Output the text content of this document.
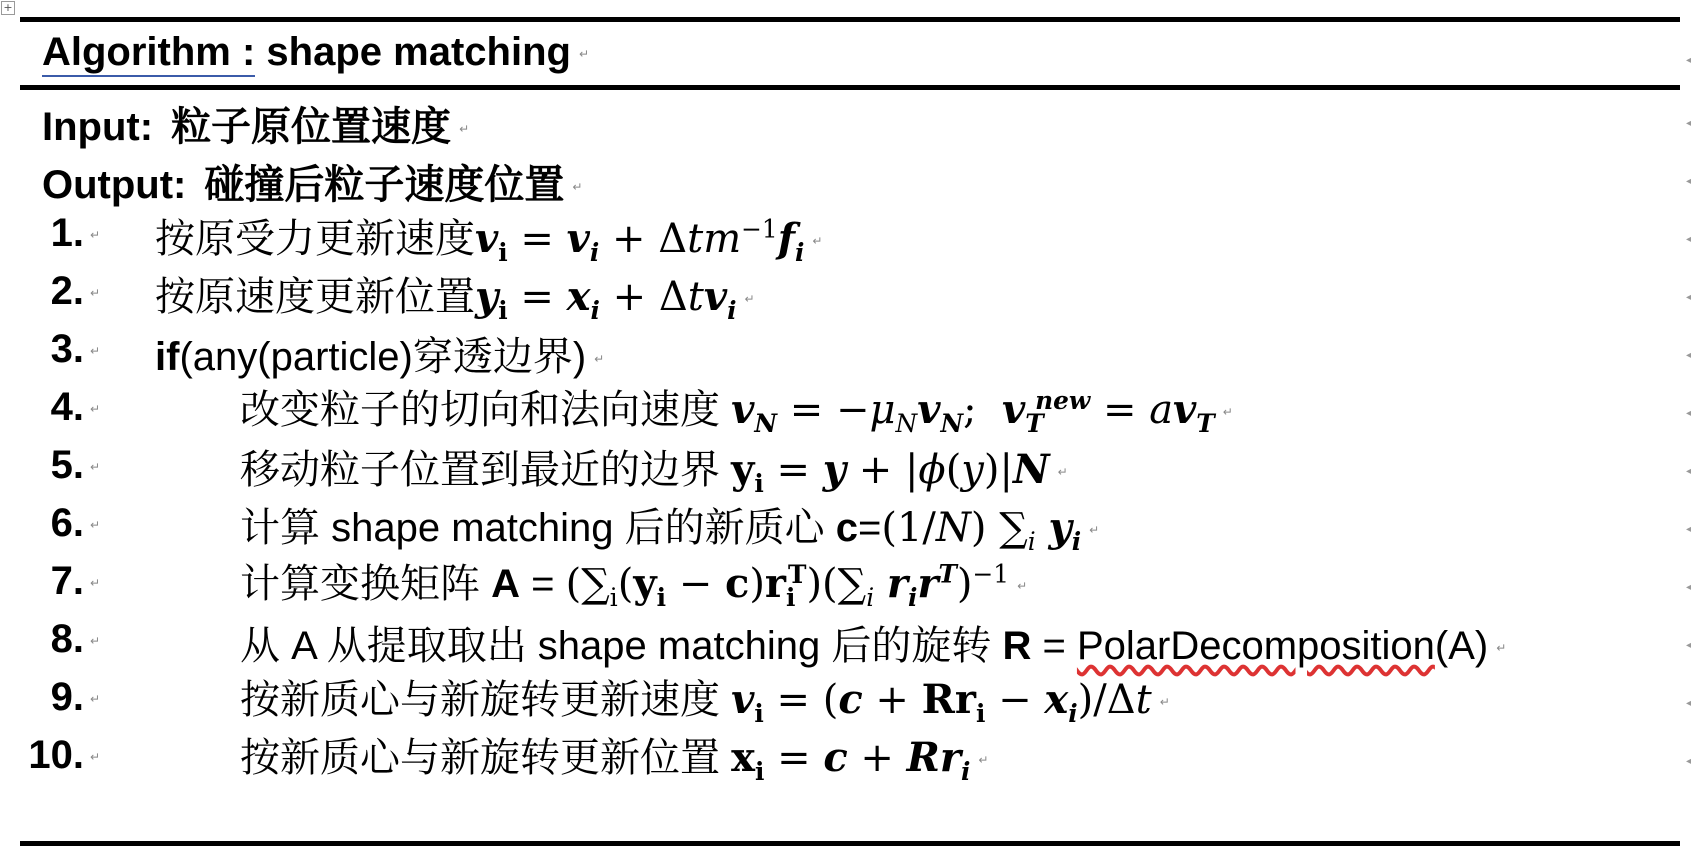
+
Algorithm : shape matching ↵
Input: 粒子原位置速度 ↵
Output: 碰撞后粒子速度位置 ↵
1. ↵ 按原受力更新速度$v_i = v_i + \Delta tm^{-1}f_i$ ↵
2. ↵ 按原速度更新位置$y_i = x_i + \Delta tv_i$ ↵
3. ↵ if(any(particle)穿透边界) ↵
4. ↵	改变粒子的切向和法向速度 $v_N = -\mu_Nv_N$;  $v_T^{new} = av_T$ ↵
5. ↵	移动粒子位置到最近的边界 $y_i = y + |\phi(y)|N$ ↵
6. ↵	计算 shape matching 后的新质心 c=(1/N) $\sum_i$ $y_i$ ↵
7. ↵	计算变换矩阵 $A = (\sum_i(y_i - c)r_i^T)(\sum_i$ $r_ir^T)^{-1}$ ↵
8. ↵	从 A 从提取取出 shape matching 后的旋转 R = PolarDecomposition(A) ↵
9. ↵	按新质心与新旋转更新速度 $v_i = (c + Rr_i - x_i)/\Delta t$ ↵
10. ↵	按新质心与新旋转更新位置 $x_i = c + Rr_i$ ↵
◂
◂
◂
◂
◂
◂
◂
◂
◂
◂
◂
◂
◂
